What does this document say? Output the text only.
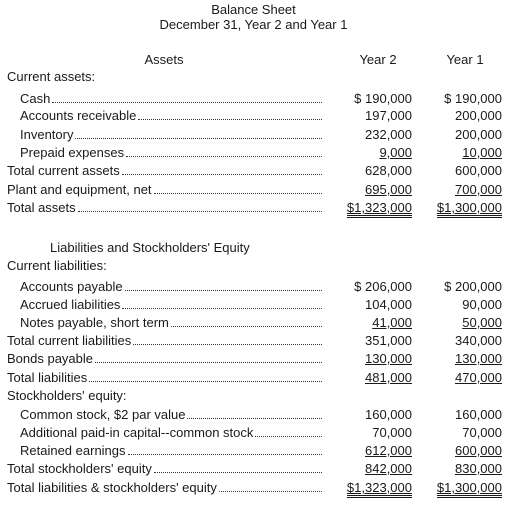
Balance Sheet
December 31, Year 2 and Year 1
Assets	Year 2	Year 1
Current assets:
Cash	$ 190,000	$ 190,000
Accounts receivable	197,000	200,000
Inventory	232,000	200,000
Prepaid expenses	9,000	10,000
Total current assets	628,000	600,000
Plant and equipment, net	695,000	700,000
Total assets	$1,323,000	$1,300,000
Liabilities and Stockholders' Equity
Current liabilities:
Accounts payable	$ 206,000	$ 200,000
Accrued liabilities	104,000	90,000
Notes payable, short term	41,000	50,000
Total current liabilities	351,000	340,000
Bonds payable	130,000	130,000
Total liabilities	481,000	470,000
Stockholders' equity:
Common stock, $2 par value	160,000	160,000
Additional paid-in capital--common stock	70,000	70,000
Retained earnings	612,000	600,000
Total stockholders' equity	842,000	830,000
Total liabilities & stockholders' equity	$1,323,000	$1,300,000
